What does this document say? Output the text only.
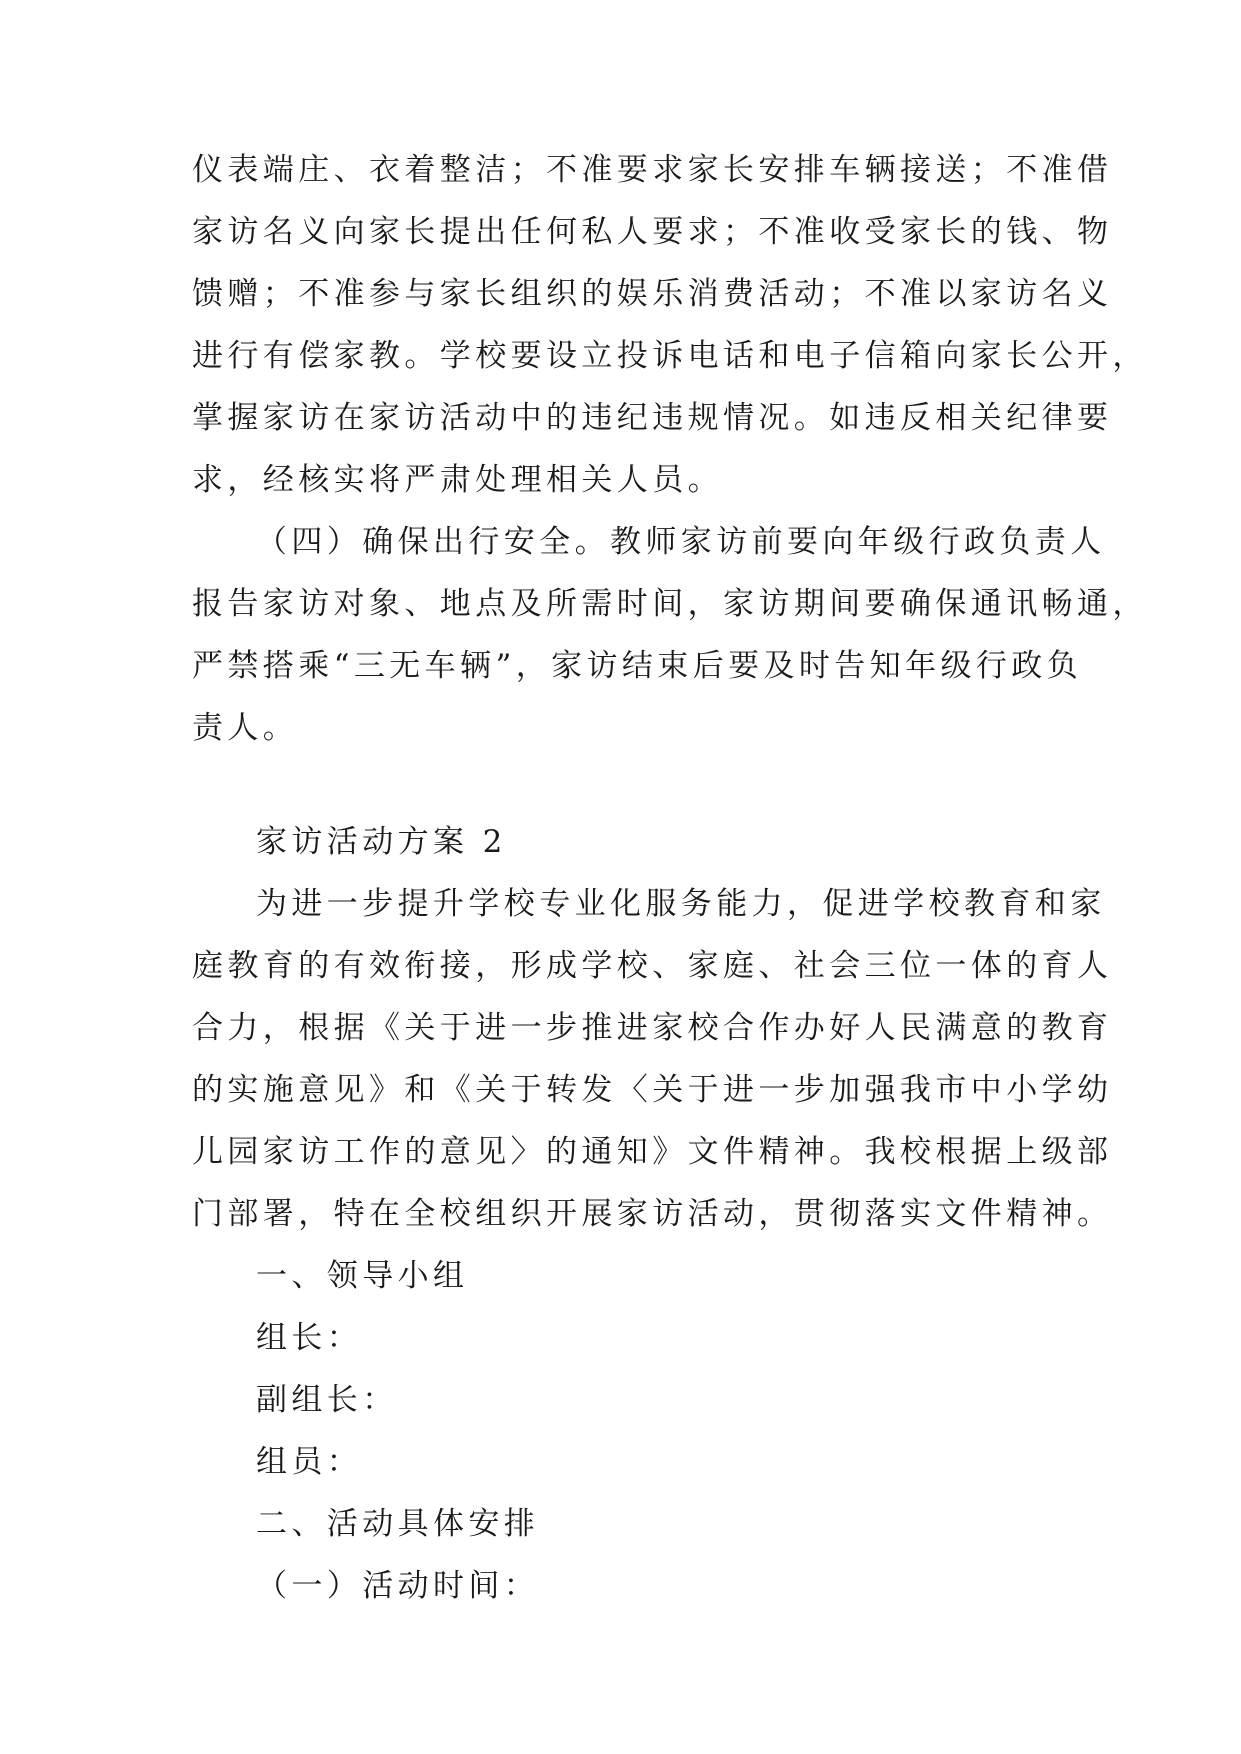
仪表端庄、衣着整洁；不准要求家长安排车辆接送；不准借
家访名义向家长提出任何私人要求；不准收受家长的钱、物
馈赠；不准参与家长组织的娱乐消费活动；不准以家访名义
进行有偿家教。学校要设立投诉电话和电子信箱向家长公开，
掌握家访在家访活动中的违纪违规情况。如违反相关纪律要
求，经核实将严肃处理相关人员。
（四）确保出行安全。教师家访前要向年级行政负责人
报告家访对象、地点及所需时间，家访期间要确保通讯畅通，
严禁搭乘“三无车辆”，家访结束后要及时告知年级行政负
责人。
家访活动方案 2
为进一步提升学校专业化服务能力，促进学校教育和家
庭教育的有效衔接，形成学校、家庭、社会三位一体的育人
合力，根据《关于进一步推进家校合作办好人民满意的教育
的实施意见》和《关于转发〈关于进一步加强我市中小学幼
儿园家访工作的意见〉的通知》文件精神。我校根据上级部
门部署，特在全校组织开展家访活动，贯彻落实文件精神。
一、领导小组
组长：
副组长：
组员：
二、活动具体安排
（一）活动时间：
